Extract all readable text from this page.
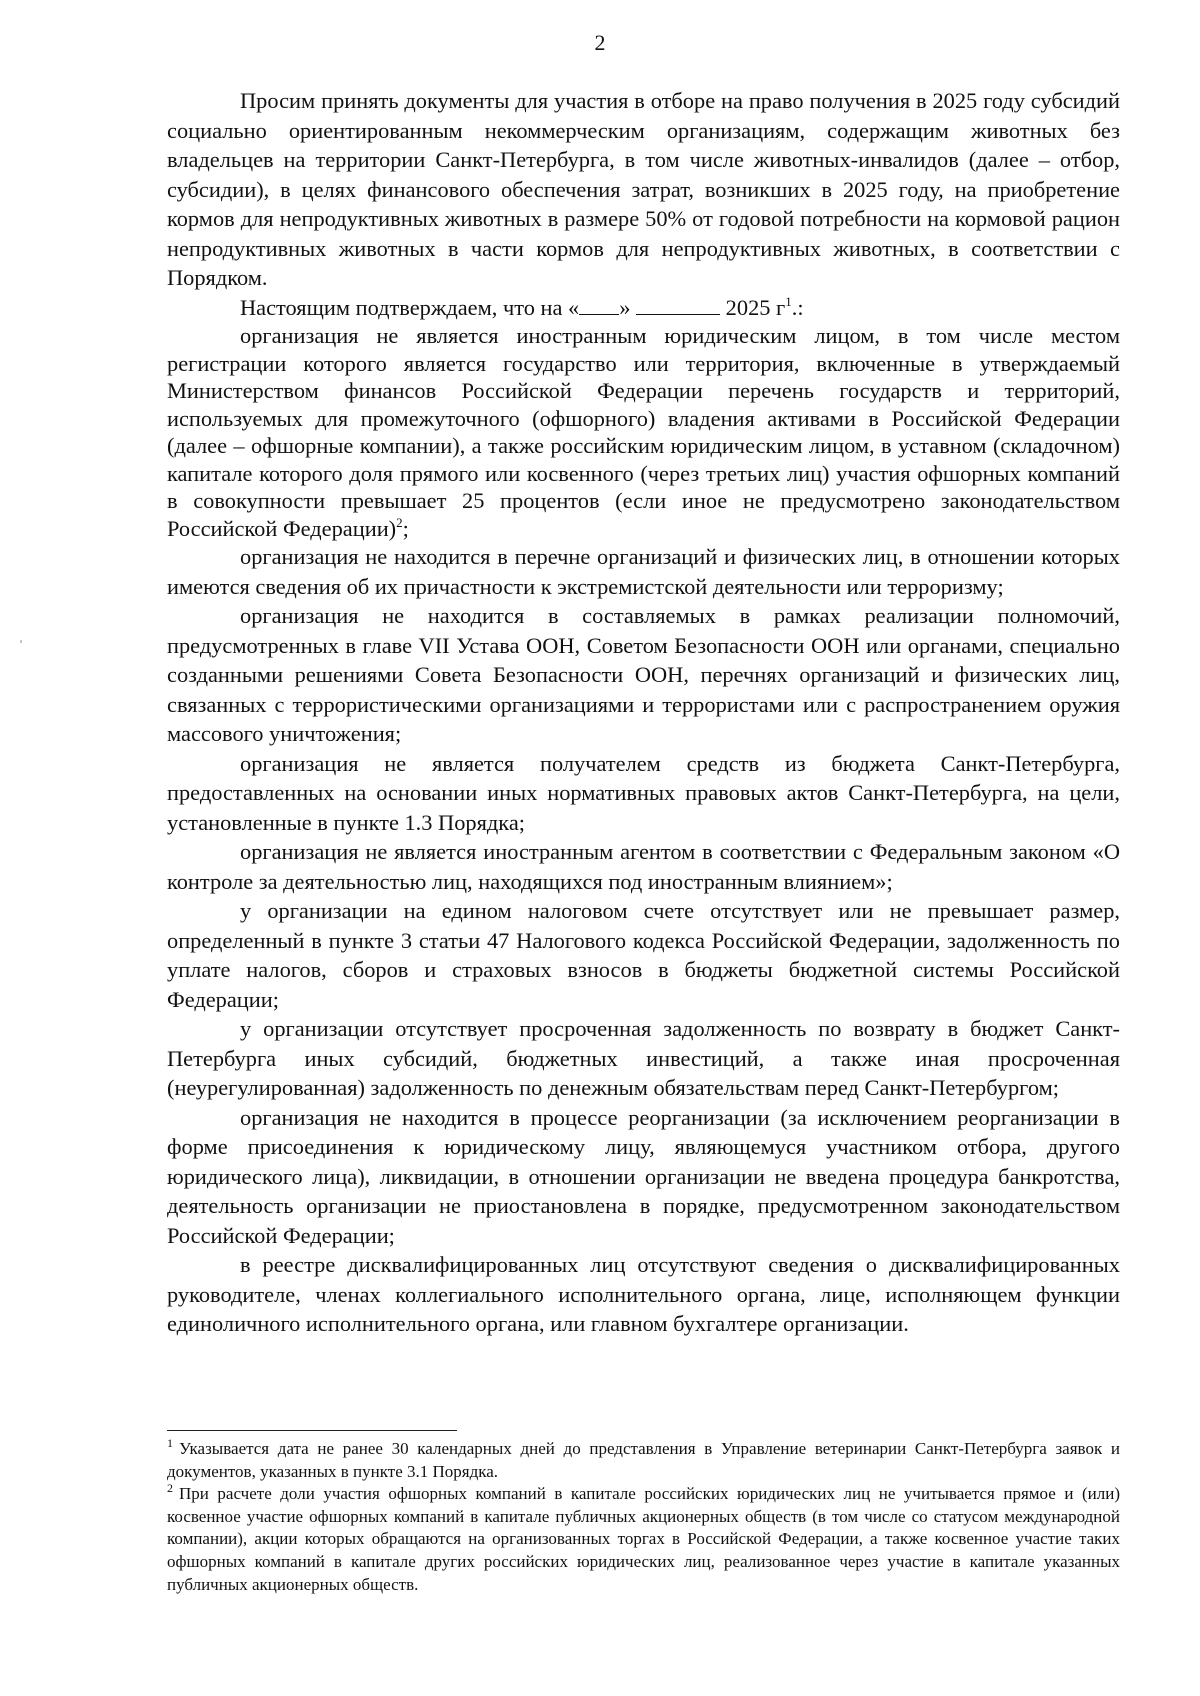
2

Просим принять документы для участия в отборе на право получения в 2025 году субсидий социально ориентированным некоммерческим организациям, содержащим животных без владельцев на территории Санкт-Петербурга, в том числе животных-инвалидов (далее – отбор, субсидии), в целях финансового обеспечения затрат, возникших в 2025 году, на приобретение кормов для непродуктивных животных в размере 50% от годовой потребности на кормовой рацион непродуктивных животных в части кормов для непродуктивных животных, в соответствии с Порядком.

Настоящим подтверждаем, что на « »	2025 $г^1$.:

организация не является иностранным юридическим лицом, в том числе местом регистрации которого является государство или территория, включенные в утверждаемый Министерством финансов Российской Федерации перечень государств и территорий, используемых для промежуточного (офшорного) владения активами в Российской Федерации (далее – офшорные компании), а также российским юридическим лицом, в уставном (складочном) капитале которого доля прямого или косвенного (через третьих лиц) участия офшорных компаний в совокупности превышает 25 процентов (если иное не предусмотрено законодательством Российской Федерации)$^2$;

организация не находится в перечне организаций и физических лиц, в отношении которых имеются сведения об их причастности к экстремистской деятельности или терроризму;

организация не находится в составляемых в рамках реализации полномочий, предусмотренных в главе VII Устава ООН, Советом Безопасности ООН или органами, специально созданными решениями Совета Безопасности ООН, перечнях организаций и физических лиц, связанных с террористическими организациями и террористами или с распространением оружия массового уничтожения;

организация не является получателем средств из бюджета Санкт-Петербурга, предоставленных на основании иных нормативных правовых актов Санкт-Петербурга, на цели, установленные в пункте 1.3 Порядка;

организация не является иностранным агентом в соответствии с Федеральным законом «О контроле за деятельностью лиц, находящихся под иностранным влиянием»;

у организации на едином налоговом счете отсутствует или не превышает размер, определенный в пункте 3 статьи 47 Налогового кодекса Российской Федерации, задолженность по уплате налогов, сборов и страховых взносов в бюджеты бюджетной системы Российской Федерации;

у организации отсутствует просроченная задолженность по возврату в бюджет Санкт-Петербурга иных субсидий, бюджетных инвестиций, а также иная просроченная (неурегулированная) задолженность по денежным обязательствам перед Санкт-Петербургом;

организация не находится в процессе реорганизации (за исключением реорганизации в форме присоединения к юридическому лицу, являющемуся участником отбора, другого юридического лица), ликвидации, в отношении организации не введена процедура банкротства, деятельность организации не приостановлена в порядке, предусмотренном законодательством Российской Федерации;

в реестре дисквалифицированных лиц отсутствуют сведения о дисквалифицированных руководителе, членах коллегиального исполнительного органа, лице, исполняющем функции единоличного исполнительного органа, или главном бухгалтере организации.

$^1$ Указывается дата не ранее 30 календарных дней до представления в Управление ветеринарии Санкт-Петербурга заявок и документов, указанных в пункте 3.1 Порядка.

$^2$ При расчете доли участия офшорных компаний в капитале российских юридических лиц не учитывается прямое и (или) косвенное участие офшорных компаний в капитале публичных акционерных обществ (в том числе со статусом международной компании), акции которых обращаются на организованных торгах в Российской Федерации, а также косвенное участие таких офшорных компаний в капитале других российских юридических лиц, реализованное через участие в капитале указанных публичных акционерных обществ.
